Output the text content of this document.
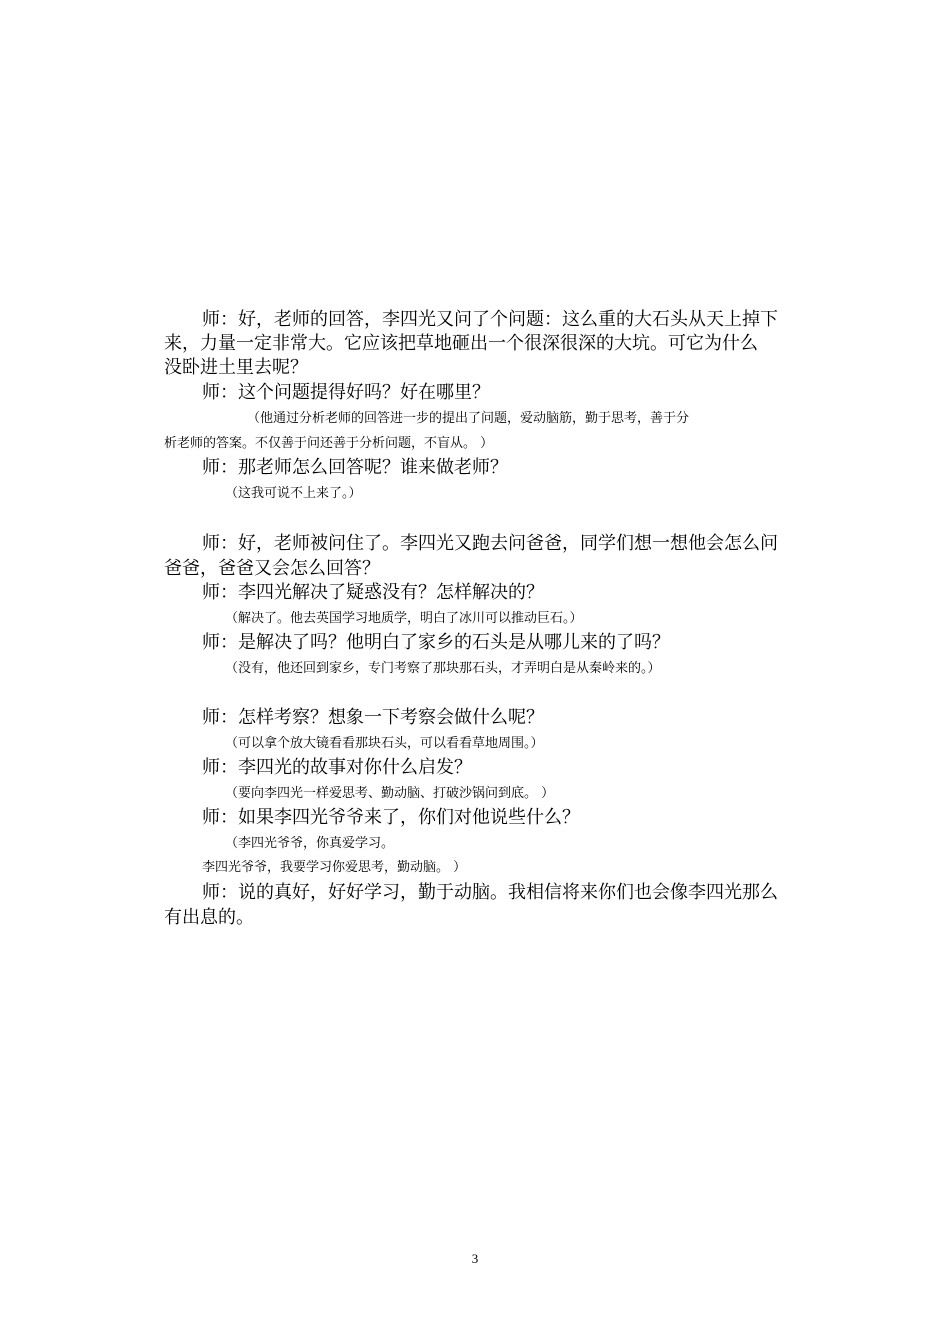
师：好，老师的回答，李四光又问了个问题：这么重的大石头从天上掉下
来，力量一定非常大。它应该把草地砸出一个很深很深的大坑。可它为什么
没卧进土里去呢？
师：这个问题提得好吗？好在哪里？
（他通过分析老师的回答进一步的提出了问题，爱动脑筋，勤于思考，善于分
析老师的答案。不仅善于问还善于分析问题，不盲从。 ）
师：那老师怎么回答呢？谁来做老师？
（这我可说不上来了。）
师：好，老师被问住了。李四光又跑去问爸爸，同学们想一想他会怎么问
爸爸，爸爸又会怎么回答？
师：李四光解决了疑惑没有？怎样解决的？
（解决了。他去英国学习地质学，明白了冰川可以推动巨石。）
师：是解决了吗？他明白了家乡的石头是从哪儿来的了吗？
（没有，他还回到家乡，专门考察了那块那石头，才弄明白是从秦岭来的。）
师：怎样考察？想象一下考察会做什么呢？
（可以拿个放大镜看看那块石头，可以看看草地周围。）
师：李四光的故事对你什么启发？
（要向李四光一样爱思考、勤动脑、打破沙锅问到底。 ）
师：如果李四光爷爷来了，你们对他说些什么？
（李四光爷爷，你真爱学习。
李四光爷爷，我要学习你爱思考，勤动脑。 ）
师：说的真好，好好学习，勤于动脑。我相信将来你们也会像李四光那么
有出息的。
3
